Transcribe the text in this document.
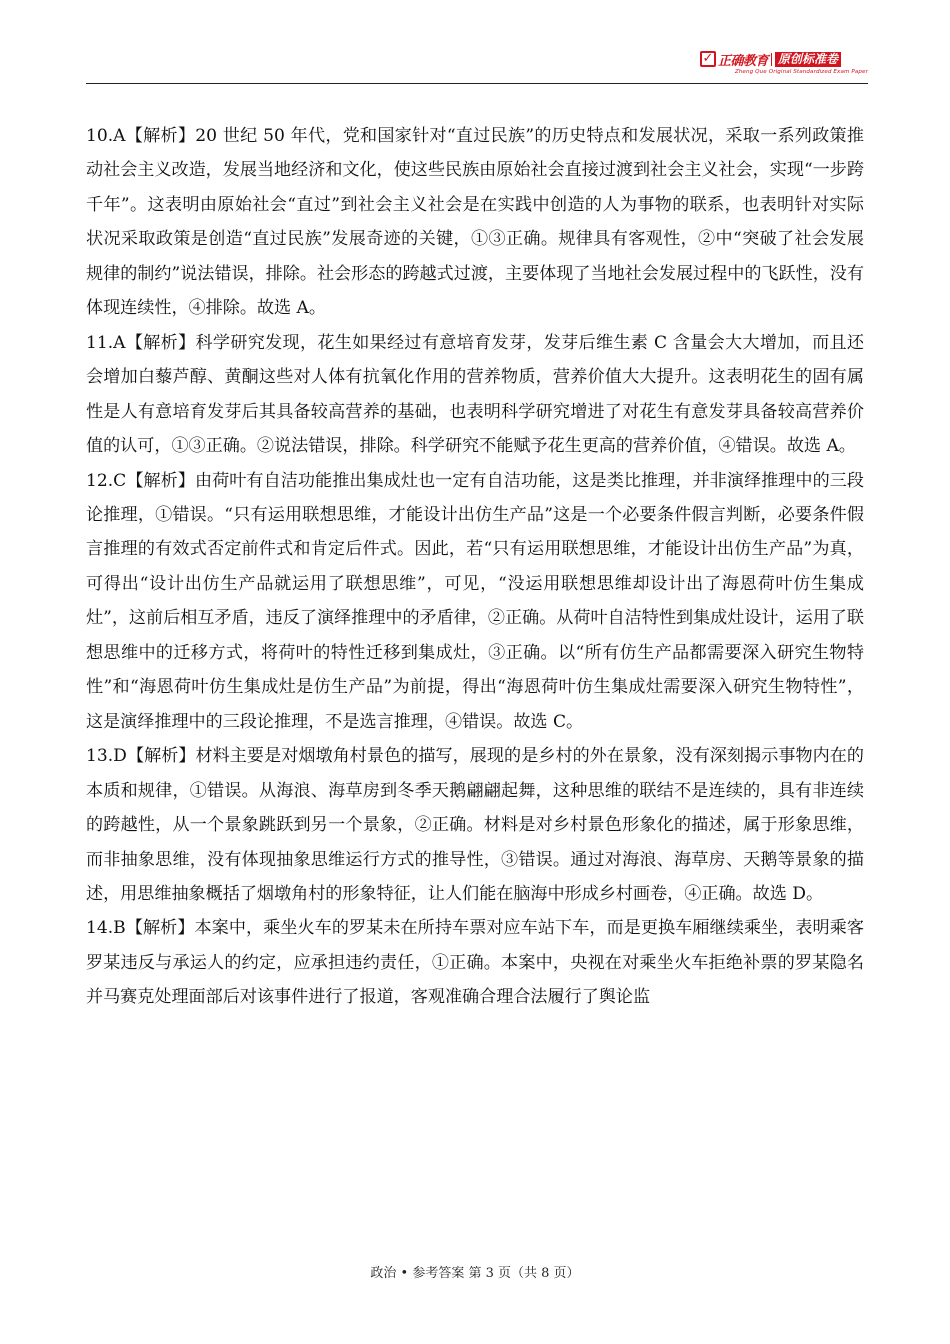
✓ 正确教育 原创标准卷
Zheng Que Original Standardized Exam Paper

10.A【解析】20 世纪 50 年代，党和国家针对“直过民族”的历史特点和发展状况，采取一系列政策推动社会主义改造，发展当地经济和文化，使这些民族由原始社会直接过渡到社会主义社会，实现“一步跨千年”。这表明由原始社会“直过”到社会主义社会是在实践中创造的人为事物的联系，也表明针对实际状况采取政策是创造“直过民族”发展奇迹的关键，①③正确。规律具有客观性，②中“突破了社会发展规律的制约”说法错误，排除。社会形态的跨越式过渡，主要体现了当地社会发展过程中的飞跃性，没有体现连续性，④排除。故选 A。

11.A【解析】科学研究发现，花生如果经过有意培育发芽，发芽后维生素 C 含量会大大增加，而且还会增加白藜芦醇、黄酮这些对人体有抗氧化作用的营养物质，营养价值大大提升。这表明花生的固有属性是人有意培育发芽后其具备较高营养的基础，也表明科学研究增进了对花生有意发芽具备较高营养价值的认可，①③正确。②说法错误，排除。科学研究不能赋予花生更高的营养价值，④错误。故选 A。

12.C【解析】由荷叶有自洁功能推出集成灶也一定有自洁功能，这是类比推理，并非演绎推理中的三段论推理，①错误。“只有运用联想思维，才能设计出仿生产品”这是一个必要条件假言判断，必要条件假言推理的有效式否定前件式和肯定后件式。因此，若“只有运用联想思维，才能设计出仿生产品”为真，可得出“设计出仿生产品就运用了联想思维”，可见，“没运用联想思维却设计出了海恩荷叶仿生集成灶”，这前后相互矛盾，违反了演绎推理中的矛盾律，②正确。从荷叶自洁特性到集成灶设计，运用了联想思维中的迁移方式，将荷叶的特性迁移到集成灶，③正确。以“所有仿生产品都需要深入研究生物特性”和“海恩荷叶仿生集成灶是仿生产品”为前提，得出“海恩荷叶仿生集成灶需要深入研究生物特性”，这是演绎推理中的三段论推理，不是选言推理，④错误。故选 C。

13.D【解析】材料主要是对烟墩角村景色的描写，展现的是乡村的外在景象，没有深刻揭示事物内在的本质和规律，①错误。从海浪、海草房到冬季天鹅翩翩起舞，这种思维的联结不是连续的，具有非连续的跨越性，从一个景象跳跃到另一个景象，②正确。材料是对乡村景色形象化的描述，属于形象思维，而非抽象思维，没有体现抽象思维运行方式的推导性，③错误。通过对海浪、海草房、天鹅等景象的描述，用思维抽象概括了烟墩角村的形象特征，让人们能在脑海中形成乡村画卷，④正确。故选 D。

14.B【解析】本案中，乘坐火车的罗某未在所持车票对应车站下车，而是更换车厢继续乘坐，表明乘客罗某违反与承运人的约定，应承担违约责任，①正确。本案中，央视在对乘坐火车拒绝补票的罗某隐名并马赛克处理面部后对该事件进行了报道，客观准确合理合法履行了舆论监

政治 • 参考答案 第 3 页（共 8 页）
